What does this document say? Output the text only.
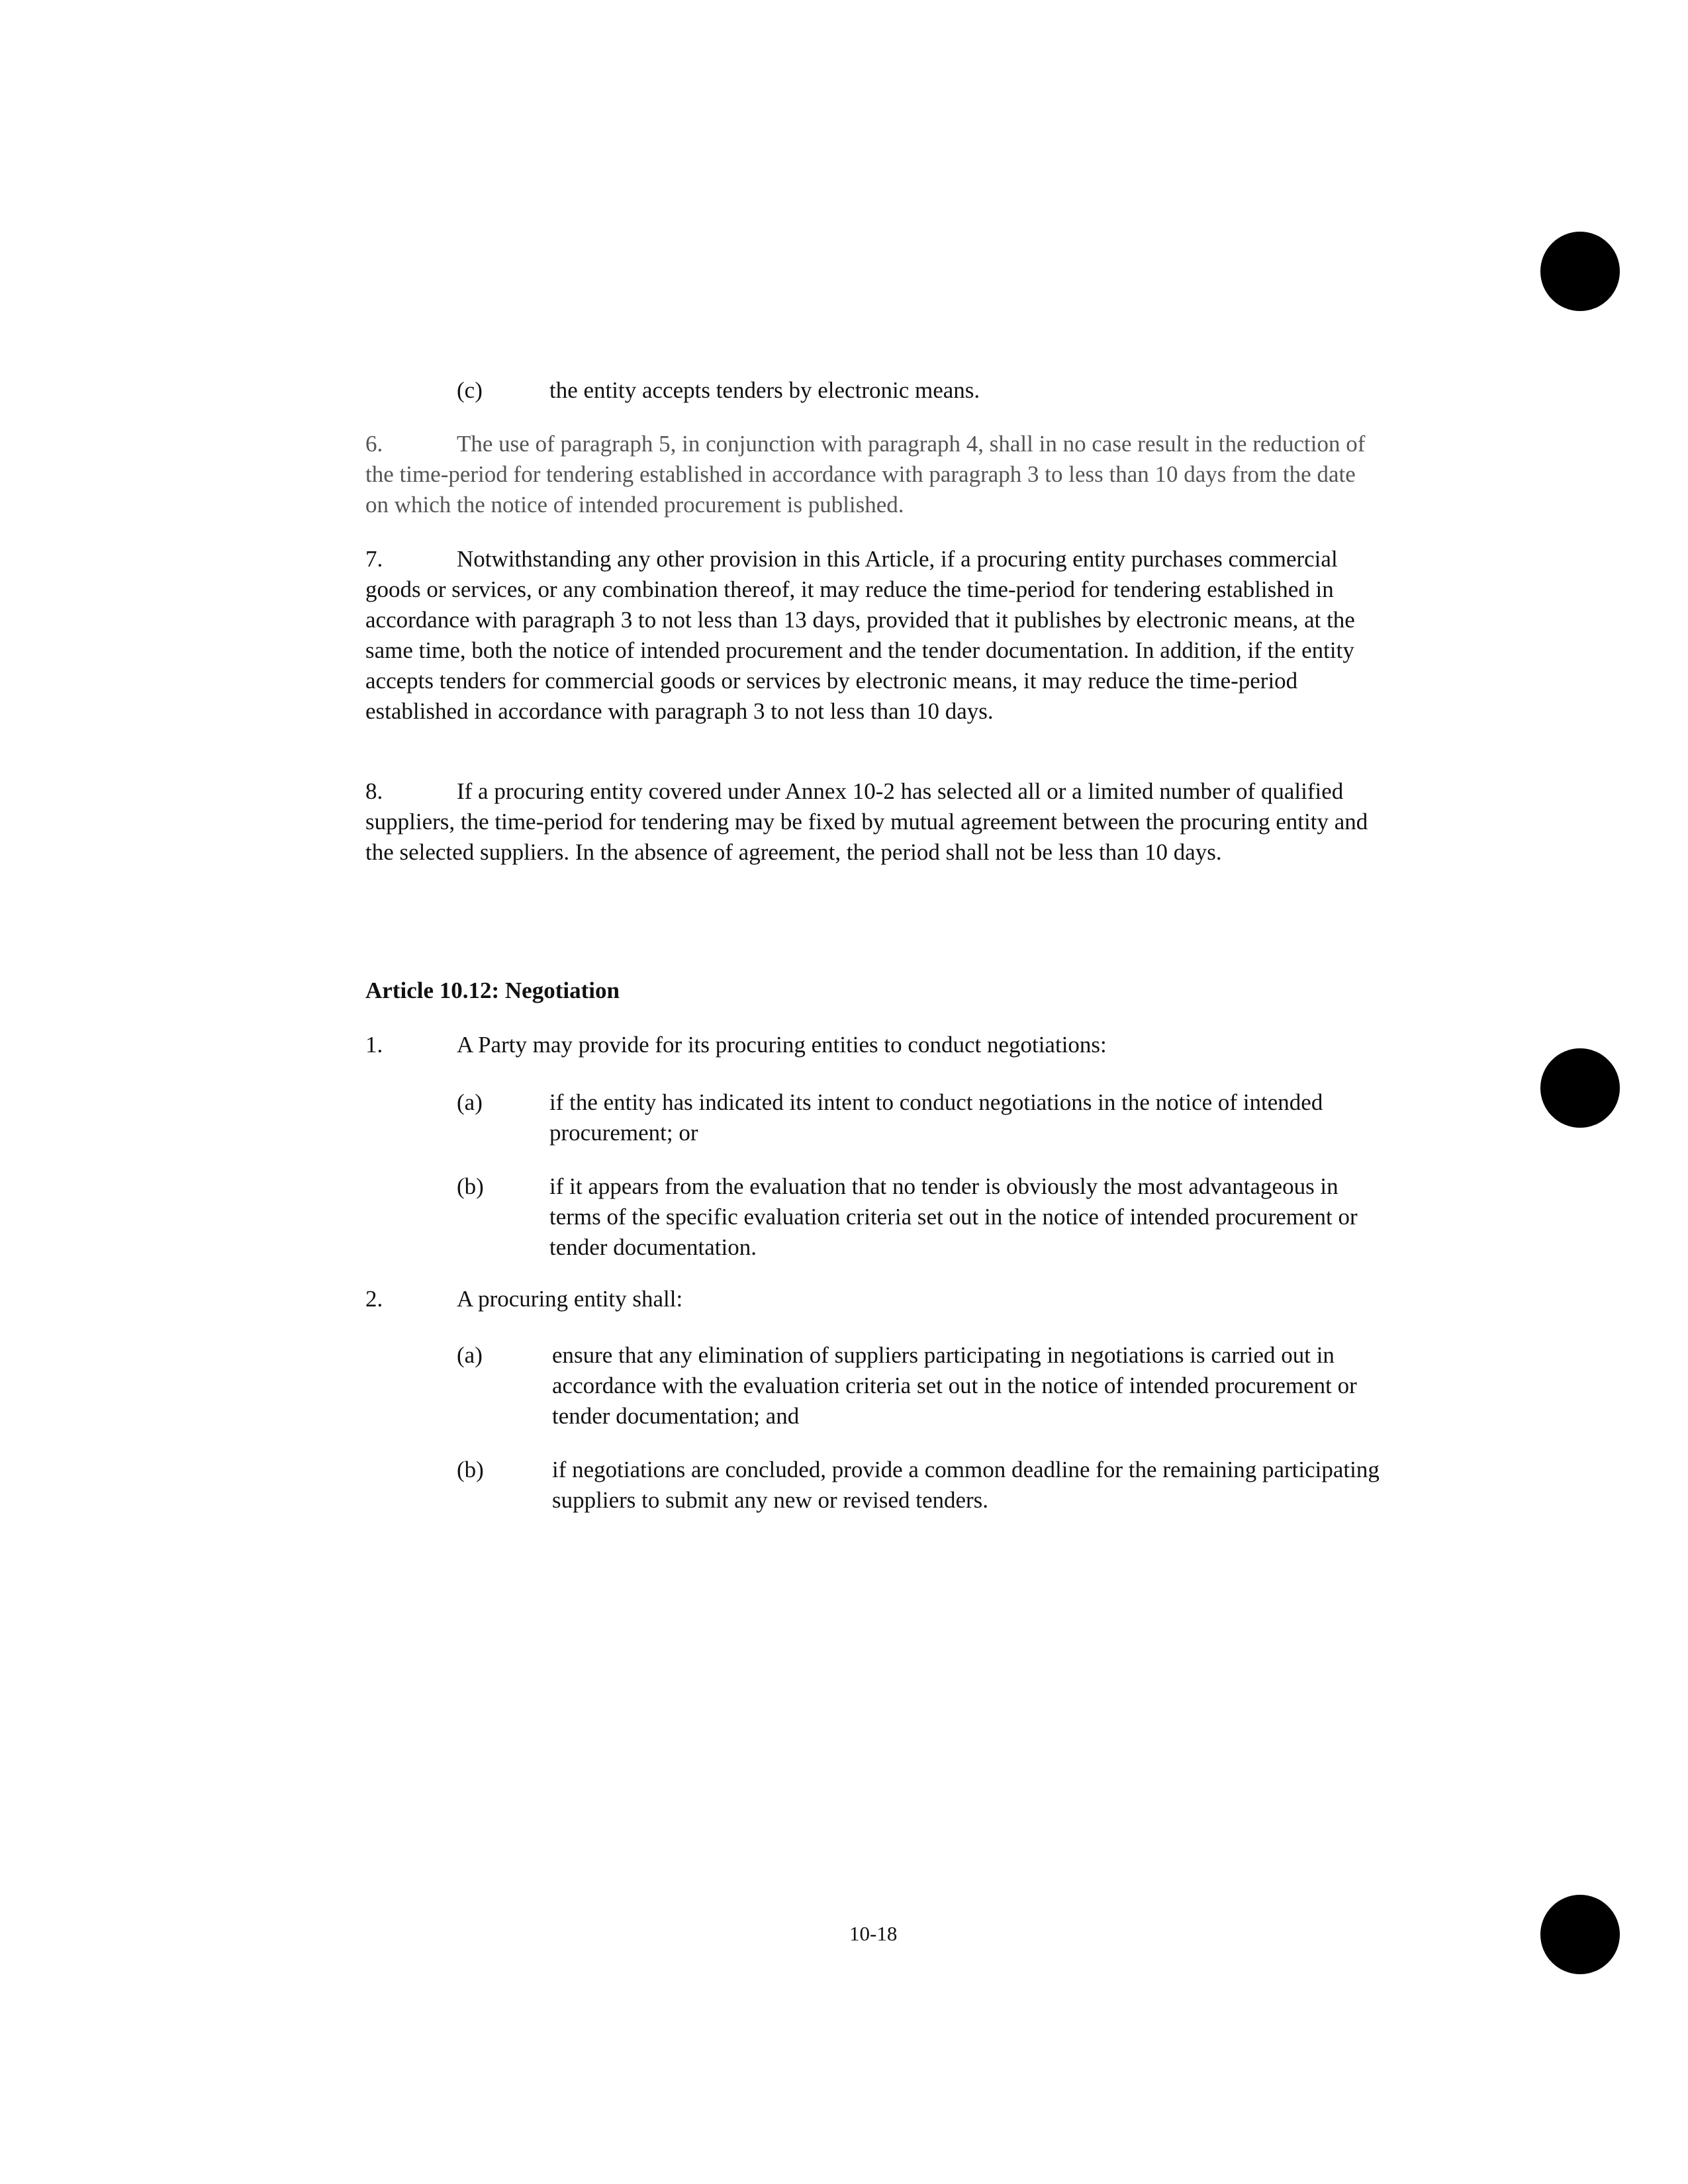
(c)	the entity accepts tenders by electronic means.

6.	The use of paragraph 5, in conjunction with paragraph 4, shall in no case result in the reduction of the time-period for tendering established in accordance with paragraph 3 to less than 10 days from the date on which the notice of intended procurement is published.

7.	Notwithstanding any other provision in this Article, if a procuring entity purchases commercial goods or services, or any combination thereof, it may reduce the time-period for tendering established in accordance with paragraph 3 to not less than 13 days, provided that it publishes by electronic means, at the same time, both the notice of intended procurement and the tender documentation. In addition, if the entity accepts tenders for commercial goods or services by electronic means, it may reduce the time-period established in accordance with paragraph 3 to not less than 10 days.

8.	If a procuring entity covered under Annex 10-2 has selected all or a limited number of qualified suppliers, the time-period for tendering may be fixed by mutual agreement between the procuring entity and the selected suppliers. In the absence of agreement, the period shall not be less than 10 days.

Article 10.12: Negotiation
1.	A Party may provide for its procuring entities to conduct negotiations:
(a)	if the entity has indicated its intent to conduct negotiations in the notice of intended procurement; or
(b)	if it appears from the evaluation that no tender is obviously the most advantageous in terms of the specific evaluation criteria set out in the notice of intended procurement or tender documentation.
2.	A procuring entity shall:
(a)	ensure that any elimination of suppliers participating in negotiations is carried out in accordance with the evaluation criteria set out in the notice of intended procurement or tender documentation; and
(b)	if negotiations are concluded, provide a common deadline for the remaining participating suppliers to submit any new or revised tenders.
10-18
